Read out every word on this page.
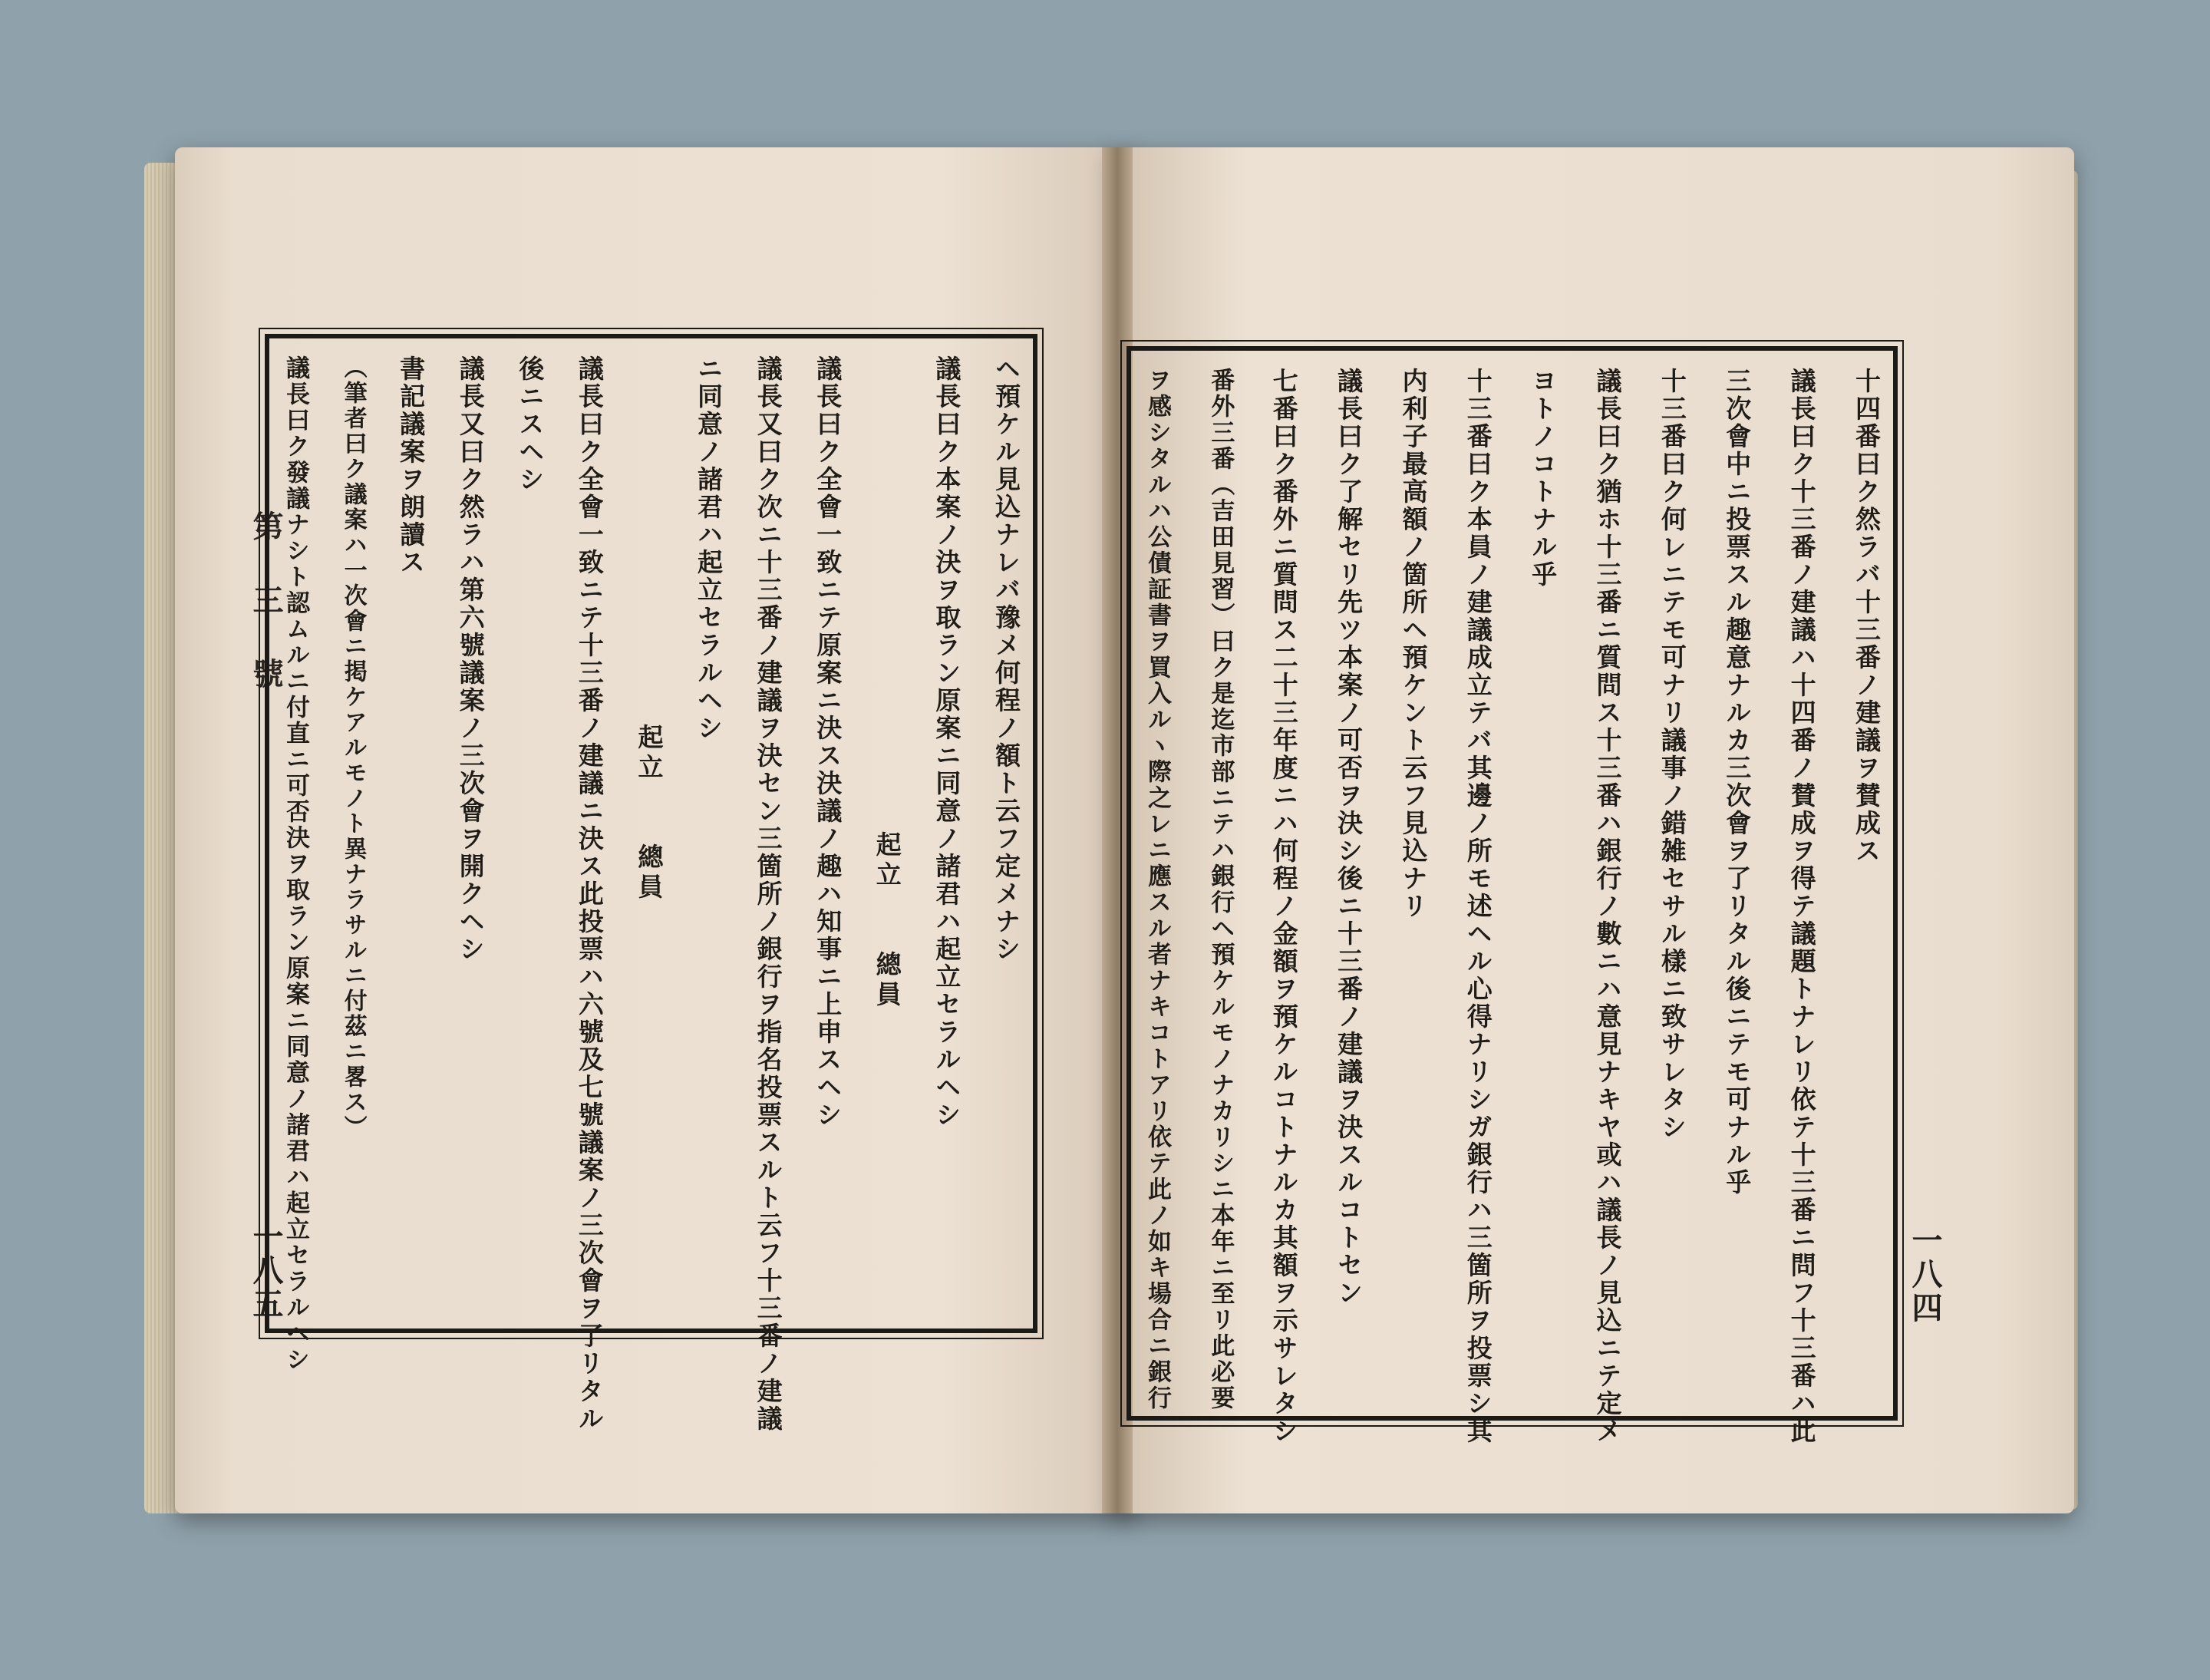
第三號
一八五
ヘ預ケル見込ナレバ豫メ何程ノ額ト云フ定メナシ
議長曰ク本案ノ決ヲ取ラン原案ニ同意ノ諸君ハ起立セラルヘシ
起立　　總員
議長曰ク全會一致ニテ原案ニ決ス決議ノ趣ハ知事ニ上申スヘシ
議長又曰ク次ニ十三番ノ建議ヲ決セン三箇所ノ銀行ヲ指名投票スルト云フ十三番ノ建議
ニ同意ノ諸君ハ起立セラルヘシ
起立　　總員
議長曰ク全會一致ニテ十三番ノ建議ニ決ス此投票ハ六號及七號議案ノ三次會ヲ了リタル
後ニスヘシ
議長又曰ク然ラハ第六號議案ノ三次會ヲ開クヘシ
書記議案ヲ朗讀ス
（筆者曰ク議案ハ一次會ニ掲ケアルモノト異ナラサルニ付茲ニ畧ス）
議長曰ク發議ナシト認ムルニ付直ニ可否決ヲ取ラン原案ニ同意ノ諸君ハ起立セラルヘシ	一八四
十四番曰ク然ラバ十三番ノ建議ヲ賛成ス
議長曰ク十三番ノ建議ハ十四番ノ賛成ヲ得テ議題トナレリ依テ十三番ニ問フ十三番ハ此
三次會中ニ投票スル趣意ナルカ三次會ヲ了リタル後ニテモ可ナル乎
十三番曰ク何レニテモ可ナリ議事ノ錯雑セサル樣ニ致サレタシ
議長曰ク猶ホ十三番ニ質問ス十三番ハ銀行ノ數ニハ意見ナキヤ或ハ議長ノ見込ニテ定メ
ヨトノコトナル乎
十三番曰ク本員ノ建議成立テバ其邊ノ所モ述ヘル心得ナリシガ銀行ハ三箇所ヲ投票シ其
内利子最高額ノ箇所ヘ預ケント云フ見込ナリ
議長曰ク了解セリ先ツ本案ノ可否ヲ決シ後ニ十三番ノ建議ヲ決スルコトセン
七番曰ク番外ニ質問ス二十三年度ニハ何程ノ金額ヲ預ケルコトナルカ其額ヲ示サレタシ
番外三番（吉田見習）曰ク是迄市部ニテハ銀行ヘ預ケルモノナカリシニ本年ニ至リ此必要
ヲ感シタルハ公債証書ヲ買入ルヽ際之レニ應スル者ナキコトアリ依テ此ノ如キ場合ニ銀行
